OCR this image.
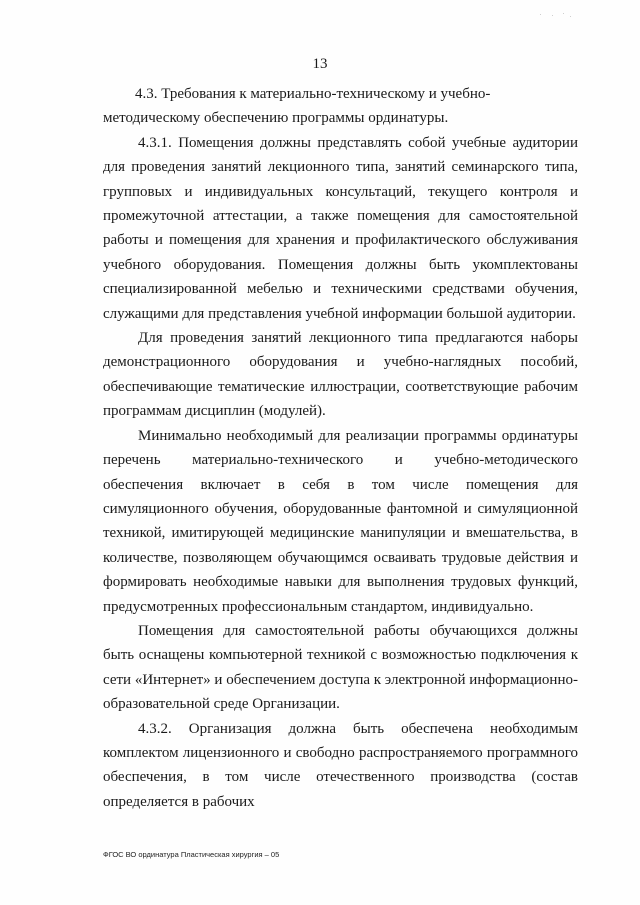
13

4.3. Требования к материально-техническому и учебно-методическому обеспечению программы ординатуры.

4.3.1. Помещения должны представлять собой учебные аудитории для проведения занятий лекционного типа, занятий семинарского типа, групповых и индивидуальных консультаций, текущего контроля и промежуточной аттестации, а также помещения для самостоятельной работы и помещения для хранения и профилактического обслуживания учебного оборудования. Помещения должны быть укомплектованы специализированной мебелью и техническими средствами обучения, служащими для представления учебной информации большой аудитории.

Для проведения занятий лекционного типа предлагаются наборы демонстрационного оборудования и учебно-наглядных пособий, обеспечивающие тематические иллюстрации, соответствующие рабочим программам дисциплин (модулей).

Минимально необходимый для реализации программы ординатуры перечень материально-технического и учебно-методического обеспечения включает в себя в том числе помещения для симуляционного обучения, оборудованные фантомной и симуляционной техникой, имитирующей медицинские манипуляции и вмешательства, в количестве, позволяющем обучающимся осваивать трудовые действия и формировать необходимые навыки для выполнения трудовых функций, предусмотренных профессиональным стандартом, индивидуально.

Помещения для самостоятельной работы обучающихся должны быть оснащены компьютерной техникой с возможностью подключения к сети «Интернет» и обеспечением доступа к электронной информационно-образовательной среде Организации.

4.3.2. Организация должна быть обеспечена необходимым комплектом лицензионного и свободно распространяемого программного обеспечения, в том числе отечественного производства (состав определяется в рабочих

ФГОС ВО ординатура Пластическая хирургия – 05
